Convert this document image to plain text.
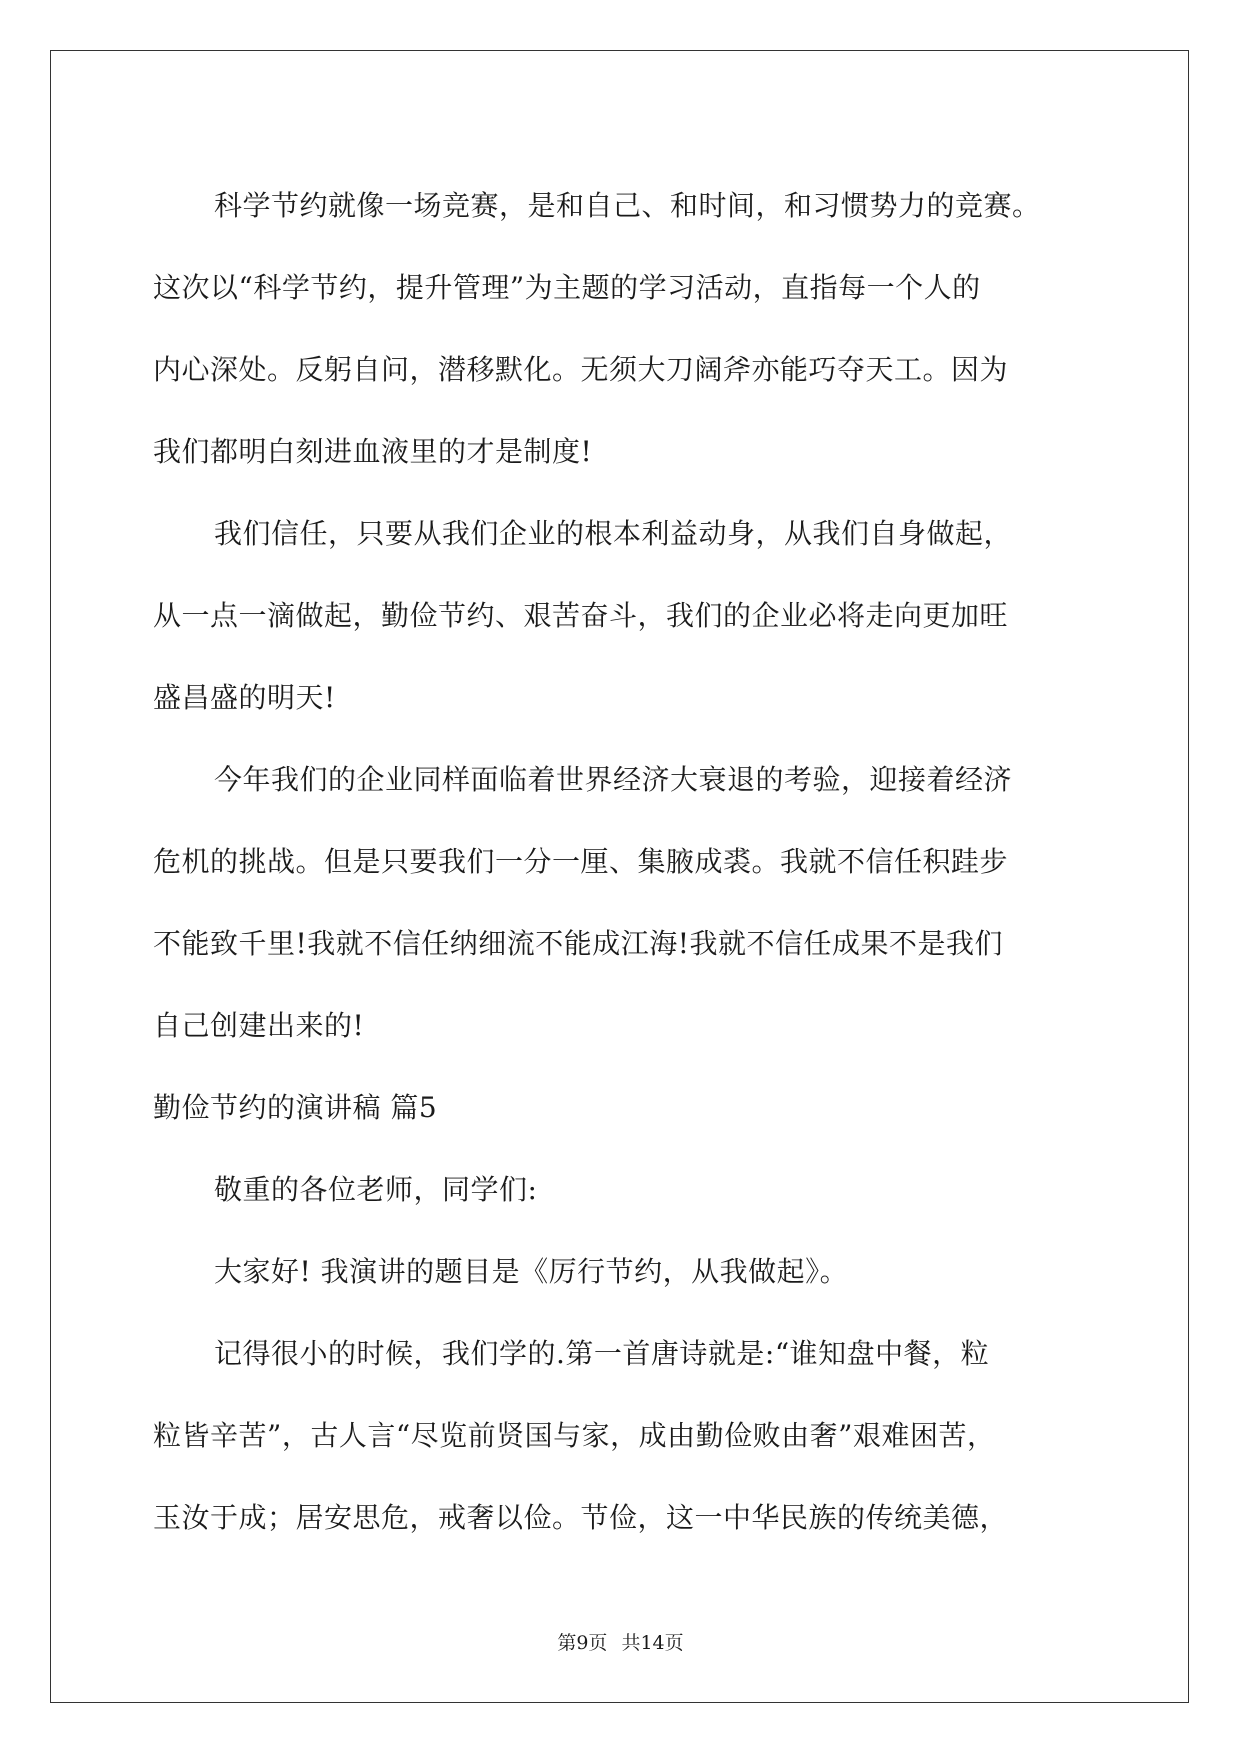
科学节约就像一场竞赛，是和自己、和时间，和习惯势力的竞赛。
这次以“科学节约，提升管理”为主题的学习活动，直指每一个人的
内心深处。反躬自问，潜移默化。无须大刀阔斧亦能巧夺天工。因为
我们都明白刻进血液里的才是制度!
我们信任，只要从我们企业的根本利益动身，从我们自身做起，
从一点一滴做起，勤俭节约、艰苦奋斗，我们的企业必将走向更加旺
盛昌盛的明天!
今年我们的企业同样面临着世界经济大衰退的考验，迎接着经济
危机的挑战。但是只要我们一分一厘、集腋成裘。我就不信任积跬步
不能致千里!我就不信任纳细流不能成江海!我就不信任成果不是我们
自己创建出来的!
勤俭节约的演讲稿 篇5
敬重的各位老师，同学们:
大家好! 我演讲的题目是《厉行节约，从我做起》。
记得很小的时候，我们学的.第一首唐诗就是:“谁知盘中餐，粒
粒皆辛苦”，古人言“尽览前贤国与家，成由勤俭败由奢”艰难困苦，
玉汝于成；居安思危，戒奢以俭。节俭，这一中华民族的传统美德，
第9页 共14页
